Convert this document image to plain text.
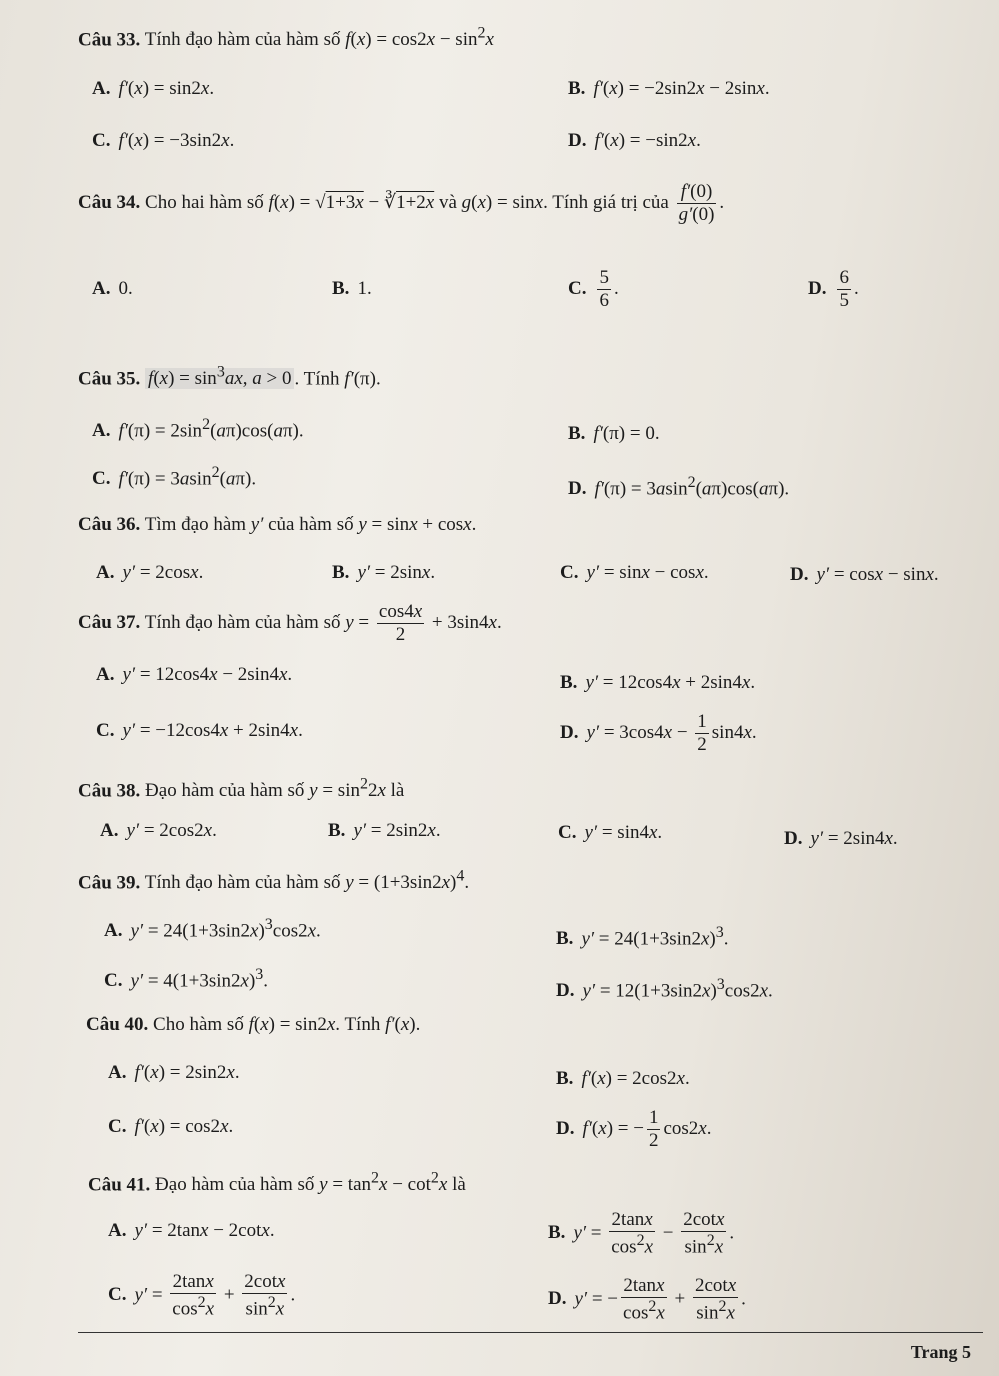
Câu 33. Tính đạo hàm của hàm số $f(x) = \cos 2x - \sin^2x$
A. f′(x) = sin2x.	B. f′(x) = −2sin2x − 2sinx.
C. f′(x) = −3sin2x.	D. f′(x) = −sin2x.
Câu 34. Cho hai hàm số f(x) = √1+3x − ∛1+2x và g(x) = sinx. Tính giá trị của $\frac{f'(0)}{g'(0)}$ .
A. 0.	B. 1.	C. $\frac{5}{6}$ .	D. $\frac{6}{5}$ .
Câu 35. $f(x) = \sin^3ax$, a > 0 . Tính f′(π).
A. $f'(\pi) = 2\sin^2(a\pi)\cos(a\pi)$.	B. f′(π) = 0.
C. f′(π) = 3asin$^2$(aπ).	D. f′(π) = 3asin$^2$(aπ)cos(aπ).
Câu 36. Tìm đạo hàm y′ của hàm số y = sinx + cosx.
A. y′ = 2cosx.	B. y′ = 2sinx.	C. y′ = sinx − cosx.	D. y′ = cosx − sinx.
Câu 37. Tính đạo hàm của hàm số $y = \frac{\cos 4x}{2} + 3\sin 4x$.
A. y′ = 12cos4x − 2sin4x.	B. y′ = 12cos4x + 2sin4x.
C. y′ = −12cos4x + 2sin4x.	D. $y' = 3\cos 4x - \frac{1}{2} \sin 4x$.
Câu 38. Đạo hàm của hàm số $y = \sin^22x$ là
A. y′ = 2cos2x.	B. y′ = 2sin2x.	C. y′ = sin4x.	D. y′ = 2sin4x.
Câu 39. Tính đạo hàm của hàm số $y = (1+3\sin 2x)^4$.
A. $y' = 24(1+3\sin 2x)^3\cos 2x$.	B. $y' = 24(1+3\sin 2x)^3$.
C. $y' = 4(1+3\sin 2x)^3$.	D. $y' = 12(1+3\sin 2x)^3\cos 2x$.
Câu 40. Cho hàm số f(x) = sin2x. Tính f′(x).
A. f′(x) = 2sin2x.	B. f′(x) = 2cos2x.
C. f′(x) = cos2x.	D. f′(x) = − $\frac{1}{2} \cos 2x$.
Câu 41. Đạo hàm của hàm số $y = \tan^2x - \cot^2x$ là
A. y′ = 2tanx − 2cotx.	B. $y' = \frac{2\tan x}{\cos^2x} - \frac{2\cot x}{\sin^2x}$ .
C. $y' = \frac{2\tan x}{\cos^2x} + \frac{2\cot x}{\sin^2x}$ .	D. y′ = − $\frac{2\tan x}{\cos^2x} + \frac{2\cot x}{\sin^2x}$ .
Trang 5
